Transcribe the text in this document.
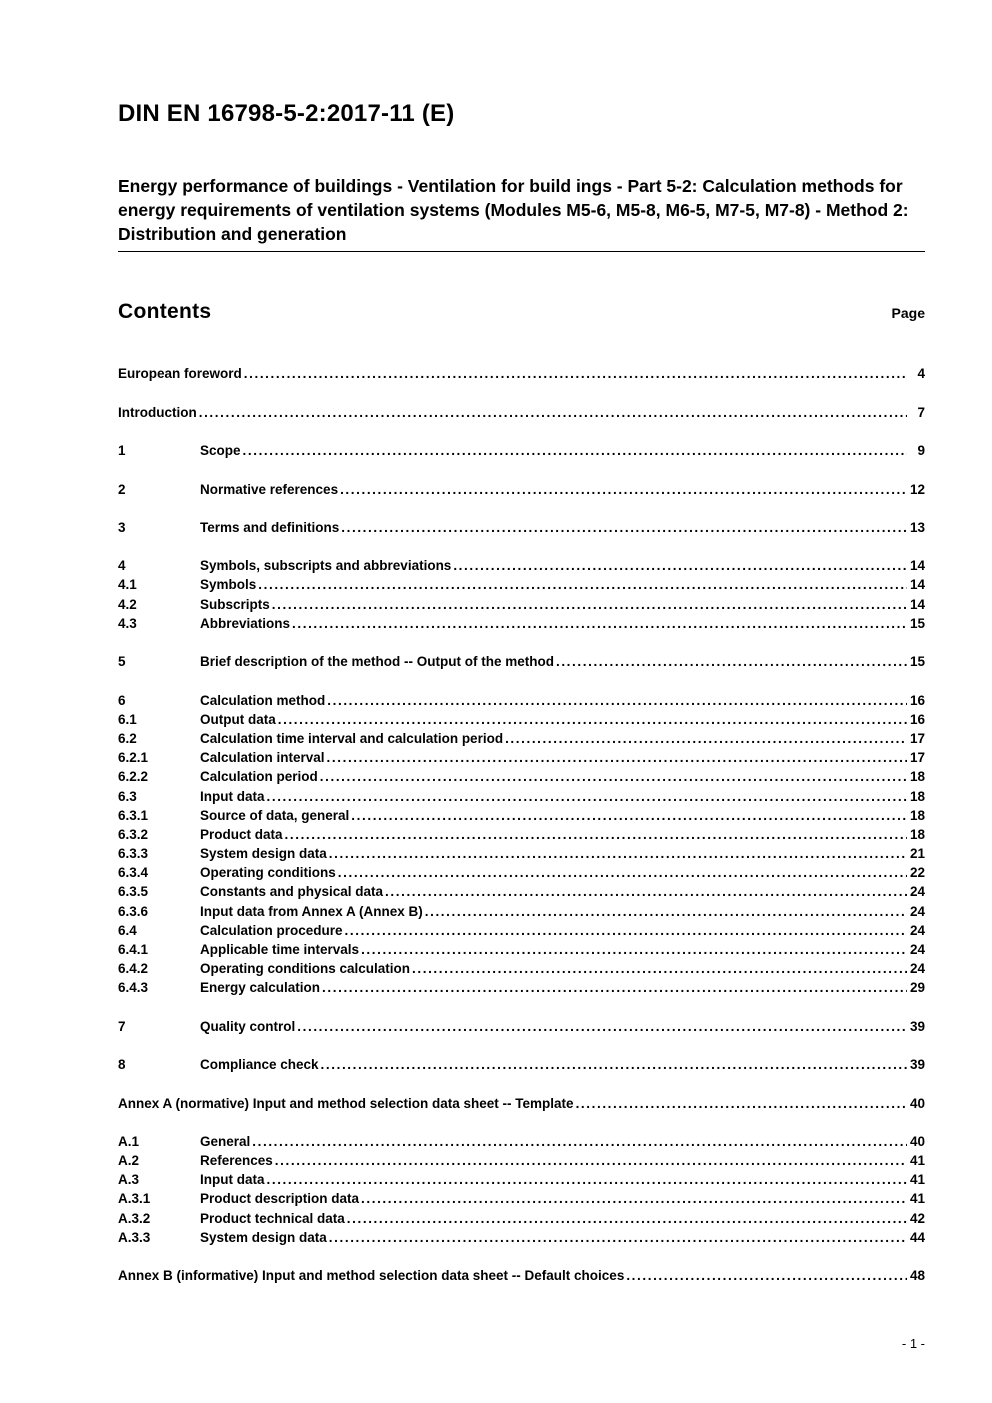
DIN EN 16798-5-2:2017-11 (E)
Energy performance of buildings - Ventilation for build ings - Part 5-2: Calculation methods for energy requirements of ventilation systems (Modules M5-6, M5-8, M6-5, M7-5, M7-8) - Method 2: Distribution and generation
Contents	Page
European foreword .....	4
Introduction .....	7
1	Scope .....	9
2	Normative references .....	12
3	Terms and definitions .....	13
4	Symbols, subscripts and abbreviations .....	14
4.1	Symbols .....	14
4.2	Subscripts .....	14
4.3	Abbreviations .....	15
5	Brief description of the method -- Output of the method .....	15
6	Calculation method .....	16
6.1	Output data .....	16
6.2	Calculation time interval and calculation period .....	17
6.2.1	Calculation interval .....	17
6.2.2	Calculation period .....	18
6.3	Input data .....	18
6.3.1	Source of data, general .....	18
6.3.2	Product data .....	18
6.3.3	System design data .....	21
6.3.4	Operating conditions .....	22
6.3.5	Constants and physical data .....	24
6.3.6	Input data from Annex A (Annex B) .....	24
6.4	Calculation procedure .....	24
6.4.1	Applicable time intervals .....	24
6.4.2	Operating conditions calculation .....	24
6.4.3	Energy calculation .....	29
7	Quality control .....	39
8	Compliance check .....	39
Annex A (normative) Input and method selection data sheet -- Template .....	40
A.1	General .....	40
A.2	References .....	41
A.3	Input data .....	41
A.3.1	Product description data .....	41
A.3.2	Product technical data .....	42
A.3.3	System design data .....	44
Annex B (informative) Input and method selection data sheet -- Default choices .....	48
- 1 -
